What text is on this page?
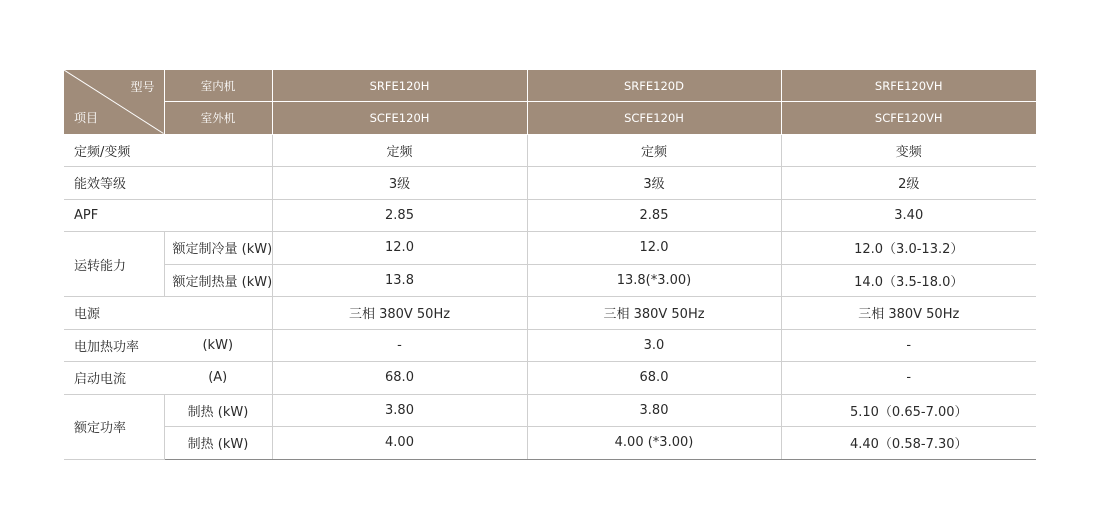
型号
项目	室内机	SRFE120H	SRFE120D	SRFE120VH
	室外机	SCFE120H	SCFE120H	SCFE120VH
定频/变频		定频	定频	变频
能效等级		3级	3级	2级
APF		2.85	2.85	3.40
运转能力	额定制冷量 (kW)	12.0	12.0	12.0（3.0-13.2）
	额定制热量 (kW)	13.8	13.8(*3.00)	14.0（3.5-18.0）
电源		三相 380V 50Hz	三相 380V 50Hz	三相 380V 50Hz
电加热功率	(kW)	-	3.0	-
启动电流	(A)	68.0	68.0	-
额定功率	制热 (kW)	3.80	3.80	5.10（0.65-7.00）
	制热 (kW)	4.00	4.00 (*3.00)	4.40（0.58-7.30）
